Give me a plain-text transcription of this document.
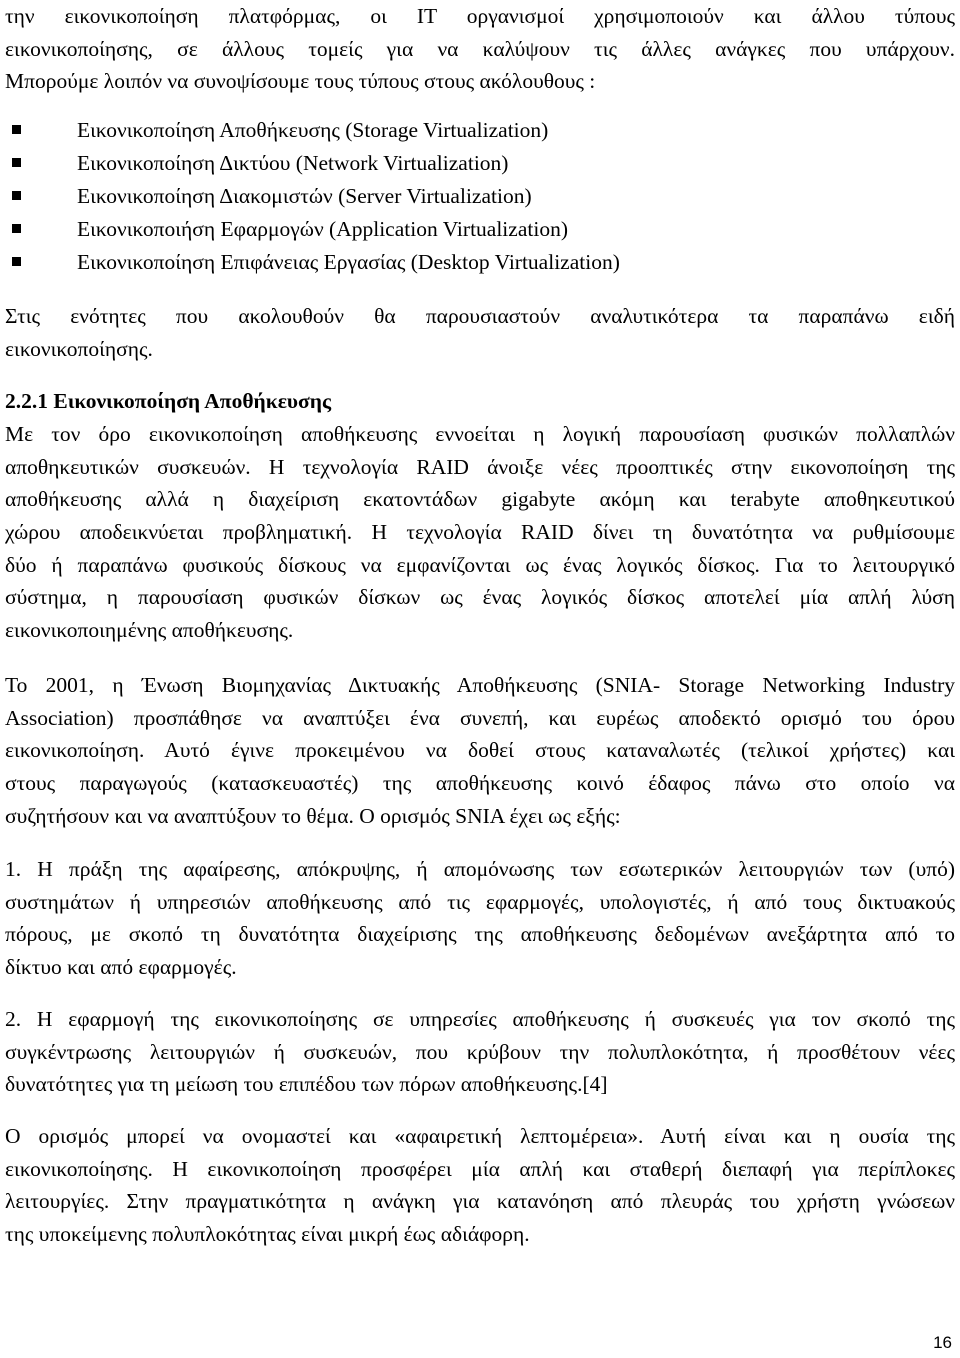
την εικονικοποίηση πλατφόρμας, οι IT οργανισμοί χρησιμοποιούν και άλλου τύπους
εικονικοποίησης, σε άλλους τομείς για να καλύψουν τις άλλες ανάγκες που υπάρχουν.
Μπορούμε λοιπόν να συνοψίσουμε τους τύπους στους ακόλουθους :

Εικονικοποίηση Αποθήκευσης (Storage Virtualization)
Εικονικοποίηση Δικτύου (Network Virtualization)
Εικονικοποίηση Διακομιστών (Server Virtualization)
Εικονικοποιήση Εφαρμογών (Application Virtualization)
Εικονικοποίηση Επιφάνειας Εργασίας (Desktop Virtualization)

Στις ενότητες που ακολουθούν θα παρουσιαστούν αναλυτικότερα τα παραπάνω ειδή
εικονικοποίησης.

2.2.1 Εικονικοποίηση Αποθήκευσης

Με τον όρο εικονικοποίηση αποθήκευσης εννοείται η λογική παρουσίαση φυσικών πολλαπλών
αποθηκευτικών συσκευών. Η τεχνολογία RAID άνοιξε νέες προοπτικές στην εικονοποίηση της
αποθήκευσης αλλά η διαχείριση εκατοντάδων gigabyte ακόμη και terabyte αποθηκευτικού
χώρου αποδεικνύεται προβληματική. Η τεχνολογία RAID δίνει τη δυνατότητα να ρυθμίσουμε
δύο ή παραπάνω φυσικούς δίσκους να εμφανίζονται ως ένας λογικός δίσκος. Για το λειτουργικό
σύστημα, η παρουσίαση φυσικών δίσκων ως ένας λογικός δίσκος αποτελεί μία απλή λύση
εικονικοποιημένης αποθήκευσης.

Το 2001, η Ένωση Βιομηχανίας Δικτυακής Αποθήκευσης (SNIA- Storage Networking Industry
Association) προσπάθησε να αναπτύξει ένα συνεπή, και ευρέως αποδεκτό ορισμό του όρου
εικονικοποίηση. Αυτό έγινε προκειμένου να δοθεί στους καταναλωτές (τελικοί χρήστες) και
στους παραγωγούς (κατασκευαστές) της αποθήκευσης κοινό έδαφος πάνω στο οποίο να
συζητήσουν και να αναπτύξουν το θέμα. Ο ορισμός SNIA έχει ως εξής:

1. Η πράξη της αφαίρεσης, απόκρυψης, ή απομόνωσης των εσωτερικών λειτουργιών των (υπό)
συστημάτων ή υπηρεσιών αποθήκευσης από τις εφαρμογές, υπολογιστές, ή από τους δικτυακούς
πόρους, με σκοπό τη δυνατότητα διαχείρισης της αποθήκευσης δεδομένων ανεξάρτητα από το
δίκτυο και από εφαρμογές.

2. Η εφαρμογή της εικονικοποίησης σε υπηρεσίες αποθήκευσης ή συσκευές για τον σκοπό της
συγκέντρωσης λειτουργιών ή συσκευών, που κρύβουν την πολυπλοκότητα, ή προσθέτουν νέες
δυνατότητες για τη μείωση του επιπέδου των πόρων αποθήκευσης.[4]

Ο ορισμός μπορεί να ονομαστεί και «αφαιρετική λεπτομέρεια». Αυτή είναι και η ουσία της
εικονικοποίησης. Η εικονικοποίηση προσφέρει μία απλή και σταθερή διεπαφή για περίπλοκες
λειτουργίες. Στην πραγματικότητα η ανάγκη για κατανόηση από πλευράς του χρήστη γνώσεων
της υποκείμενης πολυπλοκότητας είναι μικρή έως αδιάφορη.

16
